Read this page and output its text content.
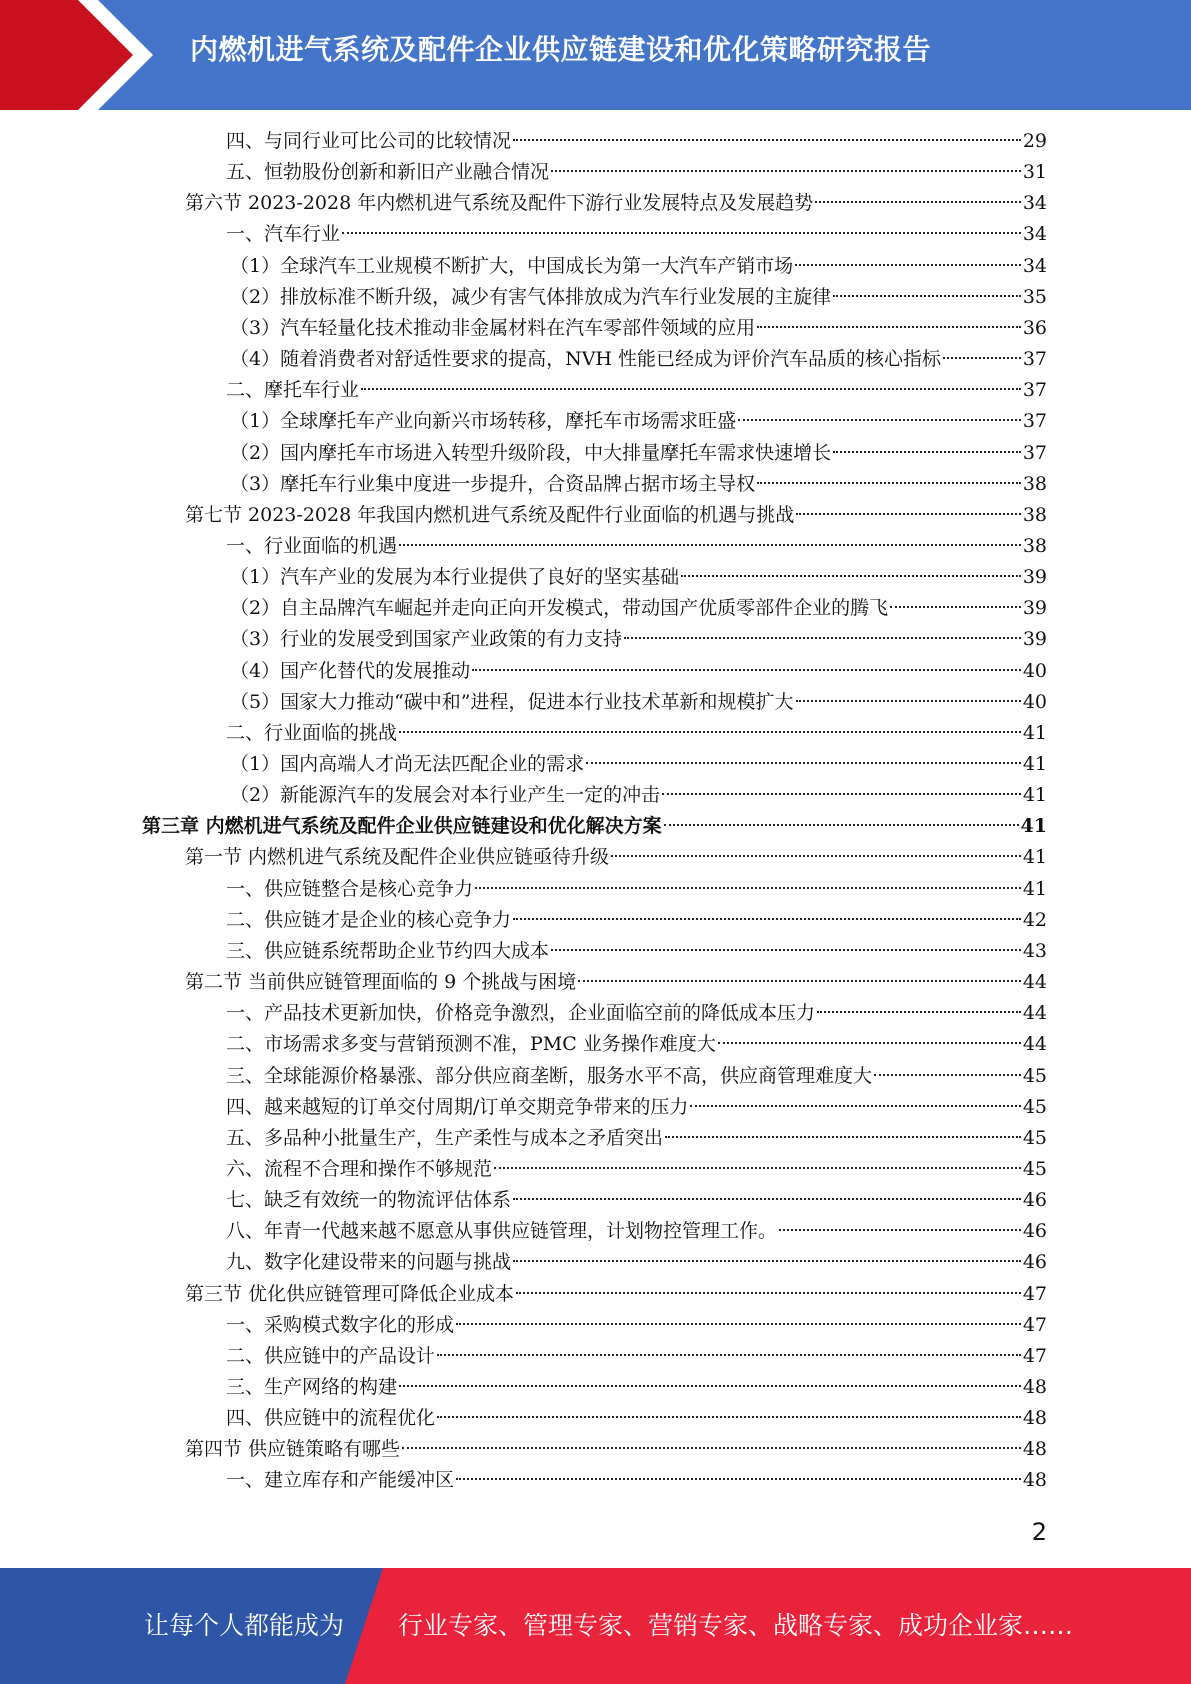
内燃机进气系统及配件企业供应链建设和优化策略研究报告
四、与同行业可比公司的比较情况	29
五、恒勃股份创新和新旧产业融合情况	31
第六节 2023-2028 年内燃机进气系统及配件下游行业发展特点及发展趋势	34
一、汽车行业	34
（1）全球汽车工业规模不断扩大，中国成长为第一大汽车产销市场	34
（2）排放标准不断升级，减少有害气体排放成为汽车行业发展的主旋律	35
（3）汽车轻量化技术推动非金属材料在汽车零部件领域的应用	36
（4）随着消费者对舒适性要求的提高，NVH 性能已经成为评价汽车品质的核心指标	37
二、摩托车行业	37
（1）全球摩托车产业向新兴市场转移，摩托车市场需求旺盛	37
（2）国内摩托车市场进入转型升级阶段，中大排量摩托车需求快速增长	37
（3）摩托车行业集中度进一步提升，合资品牌占据市场主导权	38
第七节 2023-2028 年我国内燃机进气系统及配件行业面临的机遇与挑战	38
一、行业面临的机遇	38
（1）汽车产业的发展为本行业提供了良好的坚实基础	39
（2）自主品牌汽车崛起并走向正向开发模式，带动国产优质零部件企业的腾飞	39
（3）行业的发展受到国家产业政策的有力支持	39
（4）国产化替代的发展推动	40
（5）国家大力推动“碳中和”进程，促进本行业技术革新和规模扩大	40
二、行业面临的挑战	41
（1）国内高端人才尚无法匹配企业的需求	41
（2）新能源汽车的发展会对本行业产生一定的冲击	41
第三章 内燃机进气系统及配件企业供应链建设和优化解决方案	41
第一节 内燃机进气系统及配件企业供应链亟待升级	41
一、供应链整合是核心竞争力	41
二、供应链才是企业的核心竞争力	42
三、供应链系统帮助企业节约四大成本	43
第二节 当前供应链管理面临的 9 个挑战与困境	44
一、产品技术更新加快，价格竞争激烈，企业面临空前的降低成本压力	44
二、市场需求多变与营销预测不准，PMC 业务操作难度大	44
三、全球能源价格暴涨、部分供应商垄断，服务水平不高，供应商管理难度大	45
四、越来越短的订单交付周期/订单交期竞争带来的压力	45
五、多品种小批量生产，生产柔性与成本之矛盾突出	45
六、流程不合理和操作不够规范	45
七、缺乏有效统一的物流评估体系	46
八、年青一代越来越不愿意从事供应链管理，计划物控管理工作。	46
九、数字化建设带来的问题与挑战	46
第三节 优化供应链管理可降低企业成本	47
一、采购模式数字化的形成	47
二、供应链中的产品设计	47
三、生产网络的构建	48
四、供应链中的流程优化	48
第四节 供应链策略有哪些	48
一、建立库存和产能缓冲区	48
2
让每个人都能成为 行业专家、管理专家、营销专家、战略专家、成功企业家……
